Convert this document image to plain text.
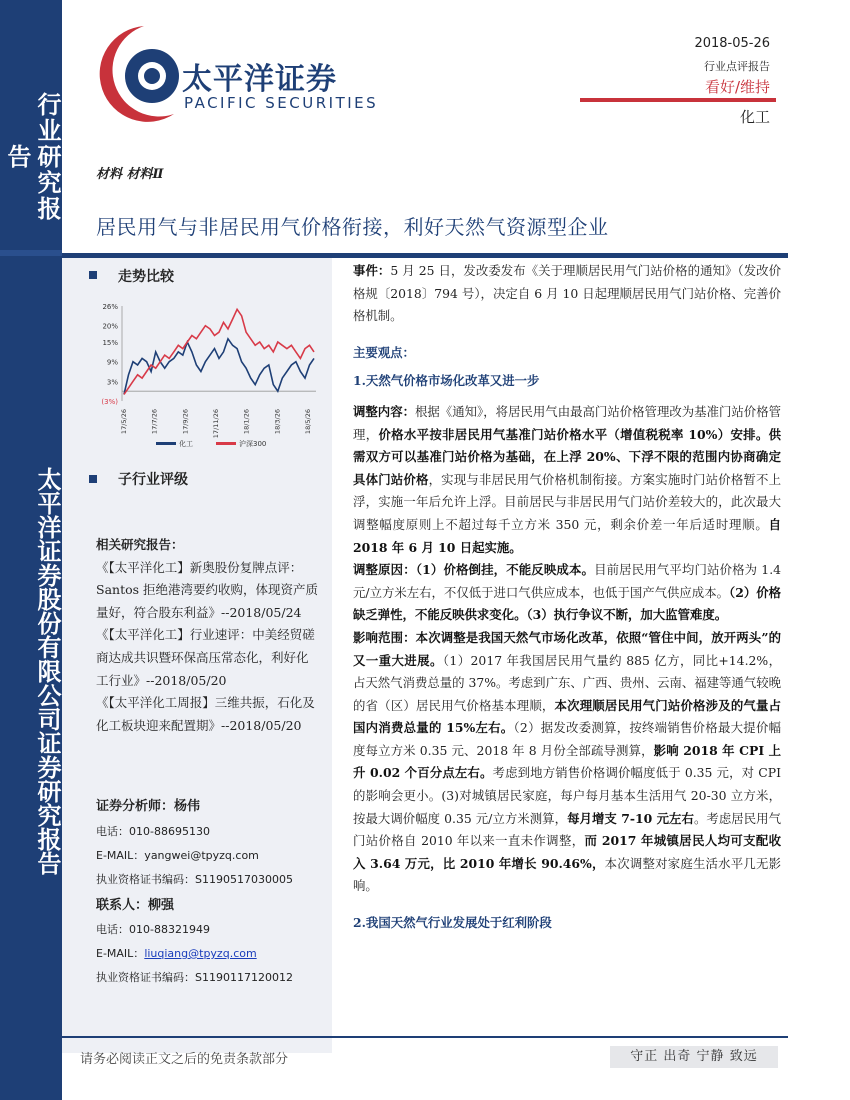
行业研究报告
太平洋证券股份有限公司证券研究报告
太平洋证券
PACIFIC SECURITIES
2018-05-26
行业点评报告
看好/维持
化工
材料 材料Ⅱ
居民用气与非居民用气价格衔接，利好天然气资源型企业
走势比较
26%
20%
15%
9%
3%
(3%)
17/5/26	17/7/26	17/9/26	17/11/26	18/1/26	18/3/26	18/5/26
化工	沪深300
子行业评级
相关研究报告：
《【太平洋化工】新奥股份复牌点评：Santos 拒绝港湾要约收购，体现资产质量好，符合股东利益》--2018/05/24
《【太平洋化工】行业速评：中美经贸磋商达成共识暨环保高压常态化，利好化工行业》--2018/05/20
《【太平洋化工周报】三维共振，石化及化工板块迎来配置期》--2018/05/20
证券分析师：杨伟
电话：010-88695130
E-MAIL：yangwei@tpyzq.com
执业资格证书编码：S1190517030005
联系人：柳强
电话：010-88321949
E-MAIL：liuqiang@tpyzq.com
执业资格证书编码：S1190117120012

事件：5 月 25 日，发改委发布《关于理顺居民用气门站价格的通知》（发改价格规〔2018〕794 号），决定自 6 月 10 日起理顺居民用气门站价格、完善价格机制。

主要观点：

1.天然气价格市场化改革又进一步

调整内容：根据《通知》，将居民用气由最高门站价格管理改为基准门站价格管理，价格水平按非居民用气基准门站价格水平（增值税税率 10%）安排。供需双方可以基准门站价格为基础，在上浮 20%、下浮不限的范围内协商确定具体门站价格，实现与非居民用气价格机制衔接。方案实施时门站价格暂不上浮，实施一年后允许上浮。目前居民与非居民用气门站价差较大的，此次最大调整幅度原则上不超过每千立方米 350 元，剩余价差一年后适时理顺。自 2018 年 6 月 10 日起实施。

调整原因：（1）价格倒挂，不能反映成本。目前居民用气平均门站价格为 1.4 元/立方米左右，不仅低于进口气供应成本，也低于国产气供应成本。（2）价格缺乏弹性，不能反映供求变化。（3）执行争议不断，加大监管难度。

影响范围：本次调整是我国天然气市场化改革，依照“管住中间，放开两头”的又一重大进展。（1）2017 年我国居民用气量约 885 亿方，同比+14.2%，占天然气消费总量的 37%。考虑到广东、广西、贵州、云南、福建等通气较晚的省（区）居民用气价格基本理顺，本次理顺居民用气门站价格涉及的气量占国内消费总量的 15%左右。（2）据发改委测算，按终端销售价格最大提价幅度每立方米 0.35 元、2018 年 8 月份全部疏导测算，影响 2018 年 CPI 上升 0.02 个百分点左右。考虑到地方销售价格调价幅度低于 0.35 元，对 CPI 的影响会更小。(3)对城镇居民家庭，每户每月基本生活用气 20-30 立方米，按最大调价幅度 0.35 元/立方米测算，每月增支 7-10 元左右。考虑居民用气门站价格自 2010 年以来一直未作调整，而 2017 年城镇居民人均可支配收入 3.64 万元，比 2010 年增长 90.46%，本次调整对家庭生活水平几无影响。

2.我国天然气行业发展处于红利阶段

请务必阅读正文之后的免责条款部分	守正 出奇 宁静 致远
